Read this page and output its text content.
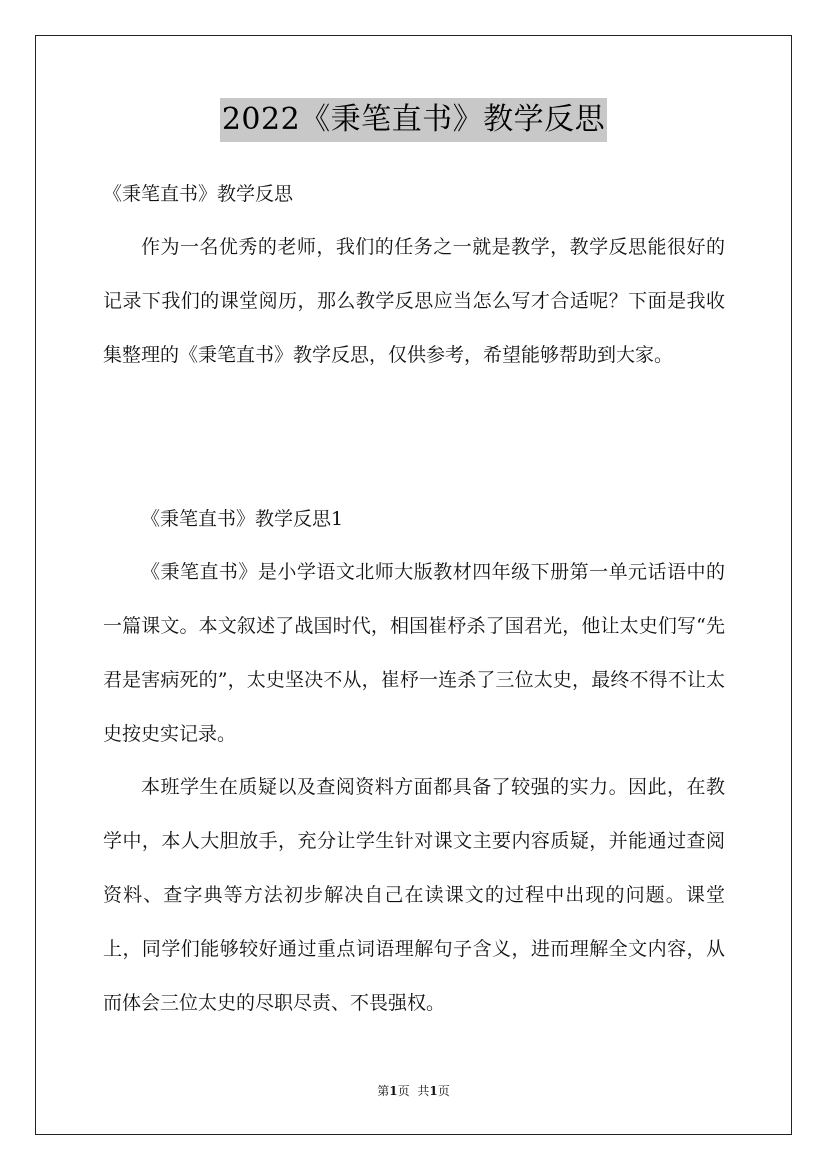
2022《秉笔直书》教学反思

《秉笔直书》教学反思

作为一名优秀的老师，我们的任务之一就是教学，教学反思能很好的记录下我们的课堂阅历，那么教学反思应当怎么写才合适呢？下面是我收集整理的《秉笔直书》教学反思，仅供参考，希望能够帮助到大家。

《秉笔直书》教学反思1

《秉笔直书》是小学语文北师大版教材四年级下册第一单元话语中的一篇课文。本文叙述了战国时代，相国崔杼杀了国君光，他让太史们写“先君是害病死的”，太史坚决不从，崔杼一连杀了三位太史，最终不得不让太史按史实记录。

本班学生在质疑以及查阅资料方面都具备了较强的实力。因此，在教学中，本人大胆放手，充分让学生针对课文主要内容质疑，并能通过查阅资料、查字典等方法初步解决自己在读课文的过程中出现的问题。课堂上，同学们能够较好通过重点词语理解句子含义，进而理解全文内容，从而体会三位太史的尽职尽责、不畏强权。

第1页 共1页
